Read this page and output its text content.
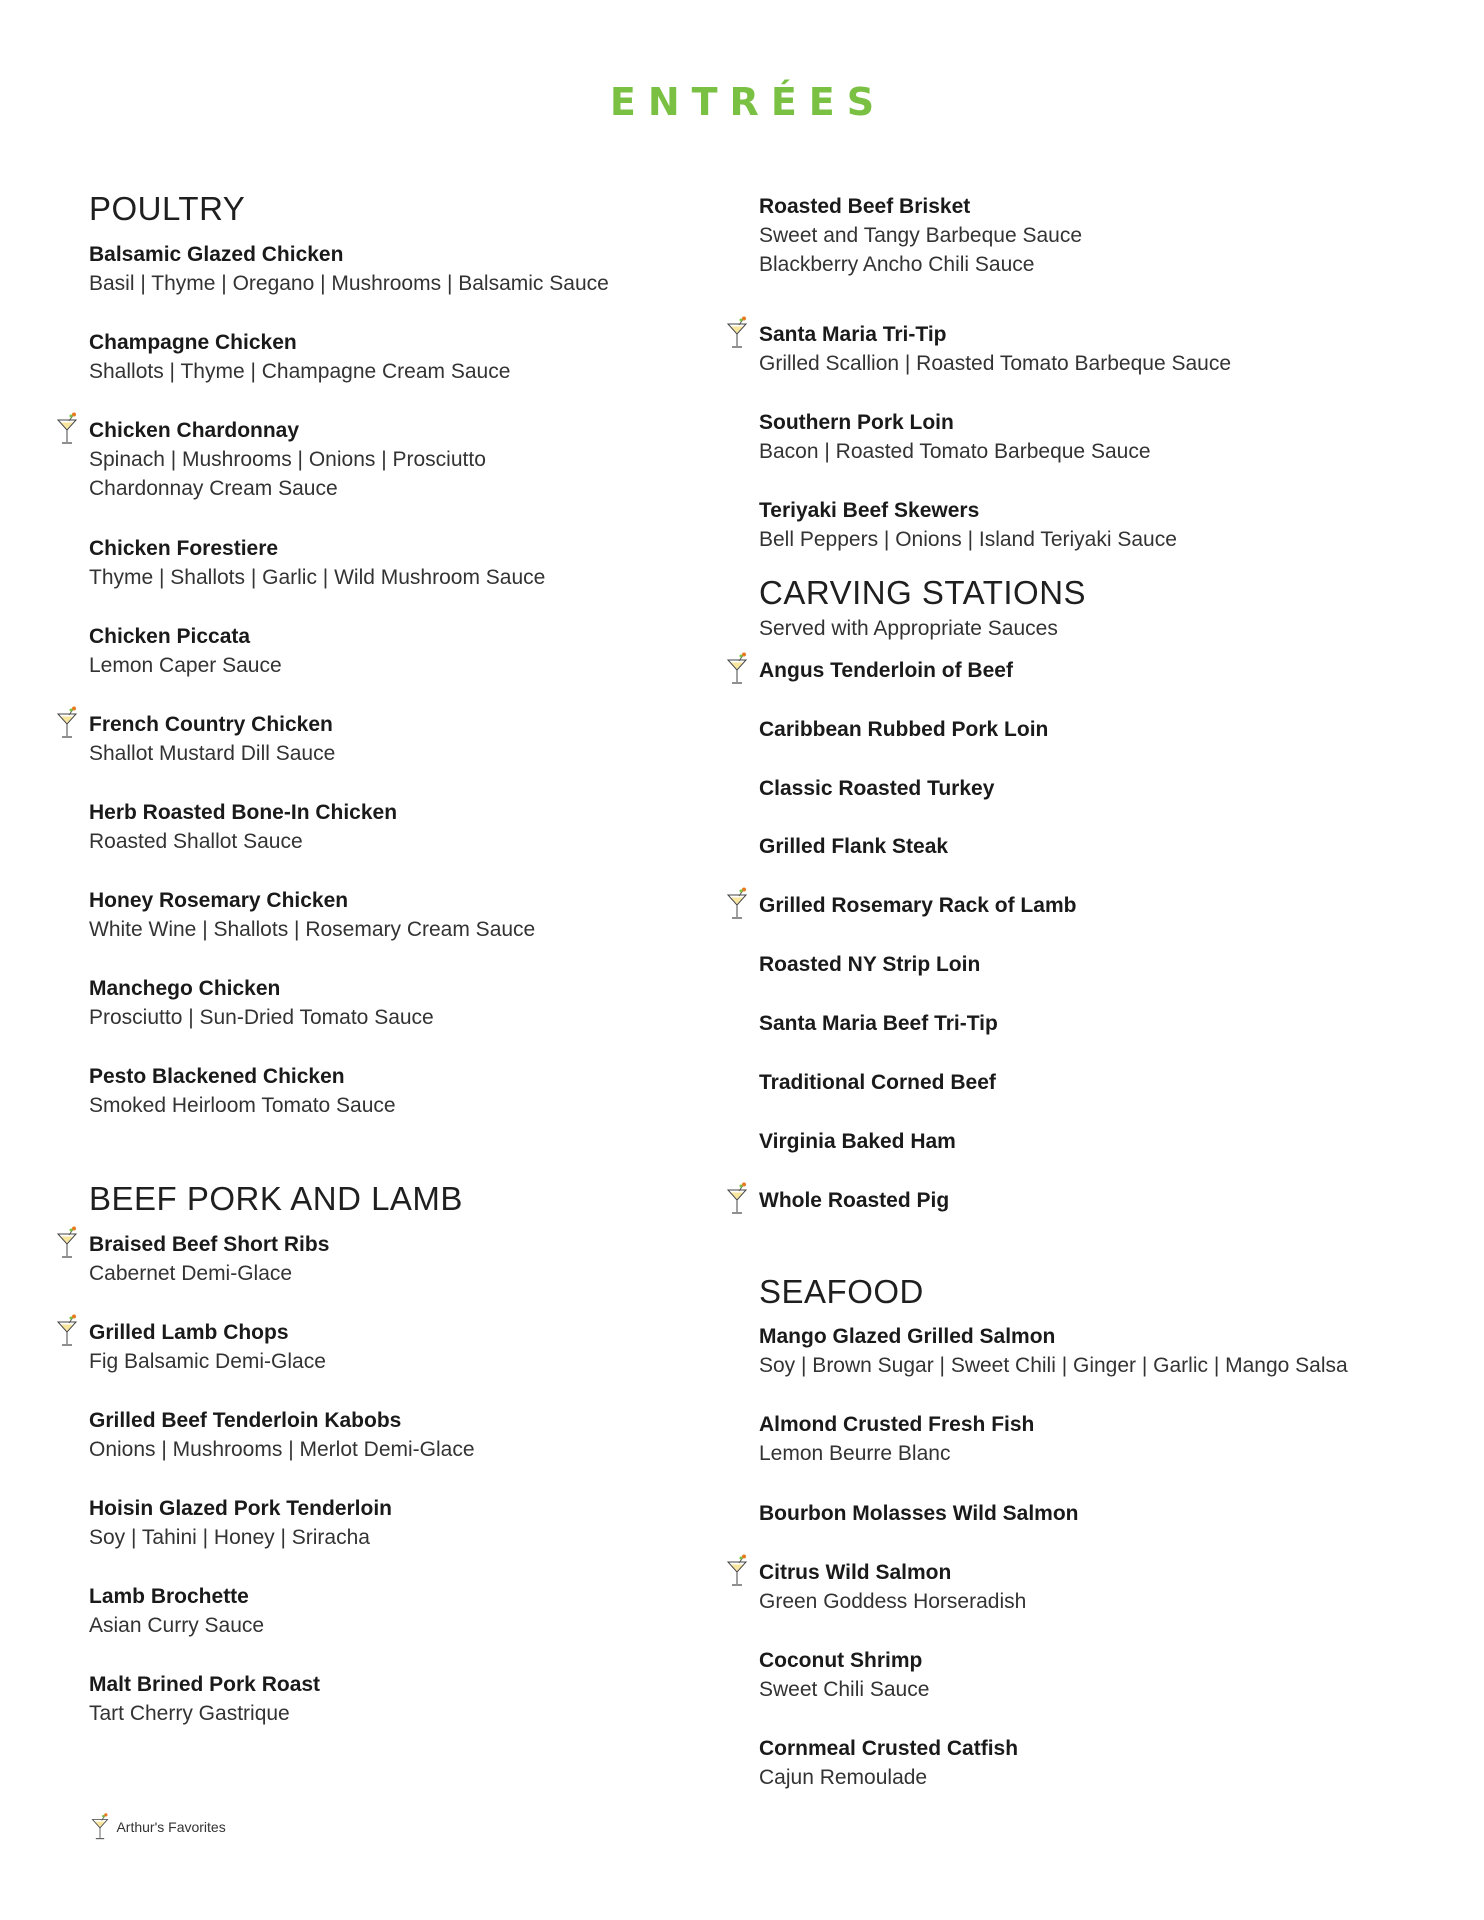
ENTRÉES
POULTRY
Balsamic Glazed Chicken
Basil | Thyme | Oregano | Mushrooms | Balsamic Sauce
Champagne Chicken
Shallots | Thyme | Champagne Cream Sauce
Chicken Chardonnay
Spinach | Mushrooms | Onions | Prosciutto
Chardonnay Cream Sauce
Chicken Forestiere
Thyme | Shallots | Garlic | Wild Mushroom Sauce
Chicken Piccata
Lemon Caper Sauce
French Country Chicken
Shallot Mustard Dill Sauce
Herb Roasted Bone-In Chicken
Roasted Shallot Sauce
Honey Rosemary Chicken
White Wine | Shallots | Rosemary Cream Sauce
Manchego Chicken
Prosciutto | Sun-Dried Tomato Sauce
Pesto Blackened Chicken
Smoked Heirloom Tomato Sauce
BEEF PORK AND LAMB
Braised Beef Short Ribs
Cabernet Demi-Glace
Grilled Lamb Chops
Fig Balsamic Demi-Glace
Grilled Beef Tenderloin Kabobs
Onions | Mushrooms | Merlot Demi-Glace
Hoisin Glazed Pork Tenderloin
Soy | Tahini | Honey | Sriracha
Lamb Brochette
Asian Curry Sauce
Malt Brined Pork Roast
Tart Cherry Gastrique
Roasted Beef Brisket
Sweet and Tangy Barbeque Sauce
Blackberry Ancho Chili Sauce
Santa Maria Tri-Tip
Grilled Scallion | Roasted Tomato Barbeque Sauce
Southern Pork Loin
Bacon | Roasted Tomato Barbeque Sauce
Teriyaki Beef Skewers
Bell Peppers | Onions | Island Teriyaki Sauce
CARVING STATIONS
Served with Appropriate Sauces
Angus Tenderloin of Beef
Caribbean Rubbed Pork Loin
Classic Roasted Turkey
Grilled Flank Steak
Grilled Rosemary Rack of Lamb
Roasted NY Strip Loin
Santa Maria Beef Tri-Tip
Traditional Corned Beef
Virginia Baked Ham
Whole Roasted Pig
SEAFOOD
Mango Glazed Grilled Salmon
Soy | Brown Sugar | Sweet Chili | Ginger | Garlic | Mango Salsa
Almond Crusted Fresh Fish
Lemon Beurre Blanc
Bourbon Molasses Wild Salmon
Citrus Wild Salmon
Green Goddess Horseradish
Coconut Shrimp
Sweet Chili Sauce
Cornmeal Crusted Catfish
Cajun Remoulade
Arthur's Favorites
